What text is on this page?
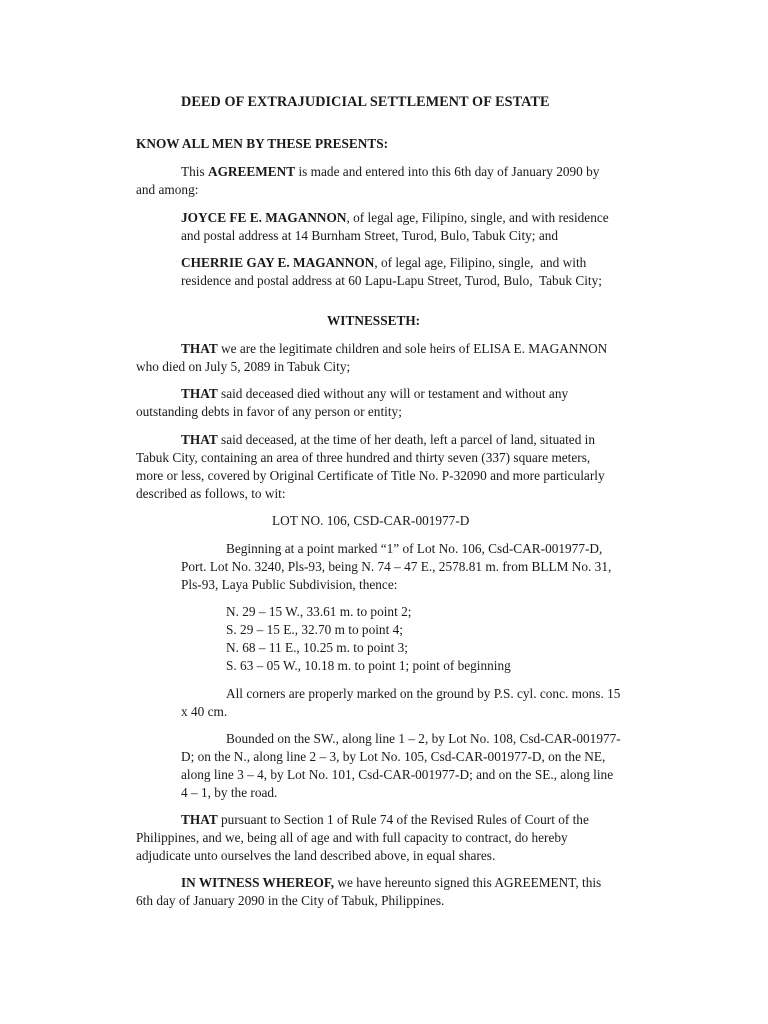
DEED OF EXTRAJUDICIAL SETTLEMENT OF ESTATE
KNOW ALL MEN BY THESE PRESENTS:
This AGREEMENT is made and entered into this 6th day of January 2090 by
and among:
JOYCE FE E. MAGANNON, of legal age, Filipino, single, and with residence
and postal address at 14 Burnham Street, Turod, Bulo, Tabuk City; and
CHERRIE GAY E. MAGANNON, of legal age, Filipino, single,  and with
residence and postal address at 60 Lapu-Lapu Street, Turod, Bulo,  Tabuk City;
WITNESSETH:
THAT we are the legitimate children and sole heirs of ELISA E. MAGANNON
who died on July 5, 2089 in Tabuk City;
THAT said deceased died without any will or testament and without any
outstanding debts in favor of any person or entity;
THAT said deceased, at the time of her death, left a parcel of land, situated in
Tabuk City, containing an area of three hundred and thirty seven (337) square meters,
more or less, covered by Original Certificate of Title No. P-32090 and more particularly
described as follows, to wit:
LOT NO. 106, CSD-CAR-001977-D
Beginning at a point marked “1” of Lot No. 106, Csd-CAR-001977-D,
Port. Lot No. 3240, Pls-93, being N. 74 – 47 E., 2578.81 m. from BLLM No. 31,
Pls-93, Laya Public Subdivision, thence:
N. 29 – 15 W., 33.61 m. to point 2;
S. 29 – 15 E., 32.70 m to point 4;
N. 68 – 11 E., 10.25 m. to point 3;
S. 63 – 05 W., 10.18 m. to point 1; point of beginning
All corners are properly marked on the ground by P.S. cyl. conc. mons. 15
x 40 cm.
Bounded on the SW., along line 1 – 2, by Lot No. 108, Csd-CAR-001977-
D; on the N., along line 2 – 3, by Lot No. 105, Csd-CAR-001977-D, on the NE,
along line 3 – 4, by Lot No. 101, Csd-CAR-001977-D; and on the SE., along line
4 – 1, by the road.
THAT pursuant to Section 1 of Rule 74 of the Revised Rules of Court of the
Philippines, and we, being all of age and with full capacity to contract, do hereby
adjudicate unto ourselves the land described above, in equal shares.
IN WITNESS WHEREOF, we have hereunto signed this AGREEMENT, this
6th day of January 2090 in the City of Tabuk, Philippines.
